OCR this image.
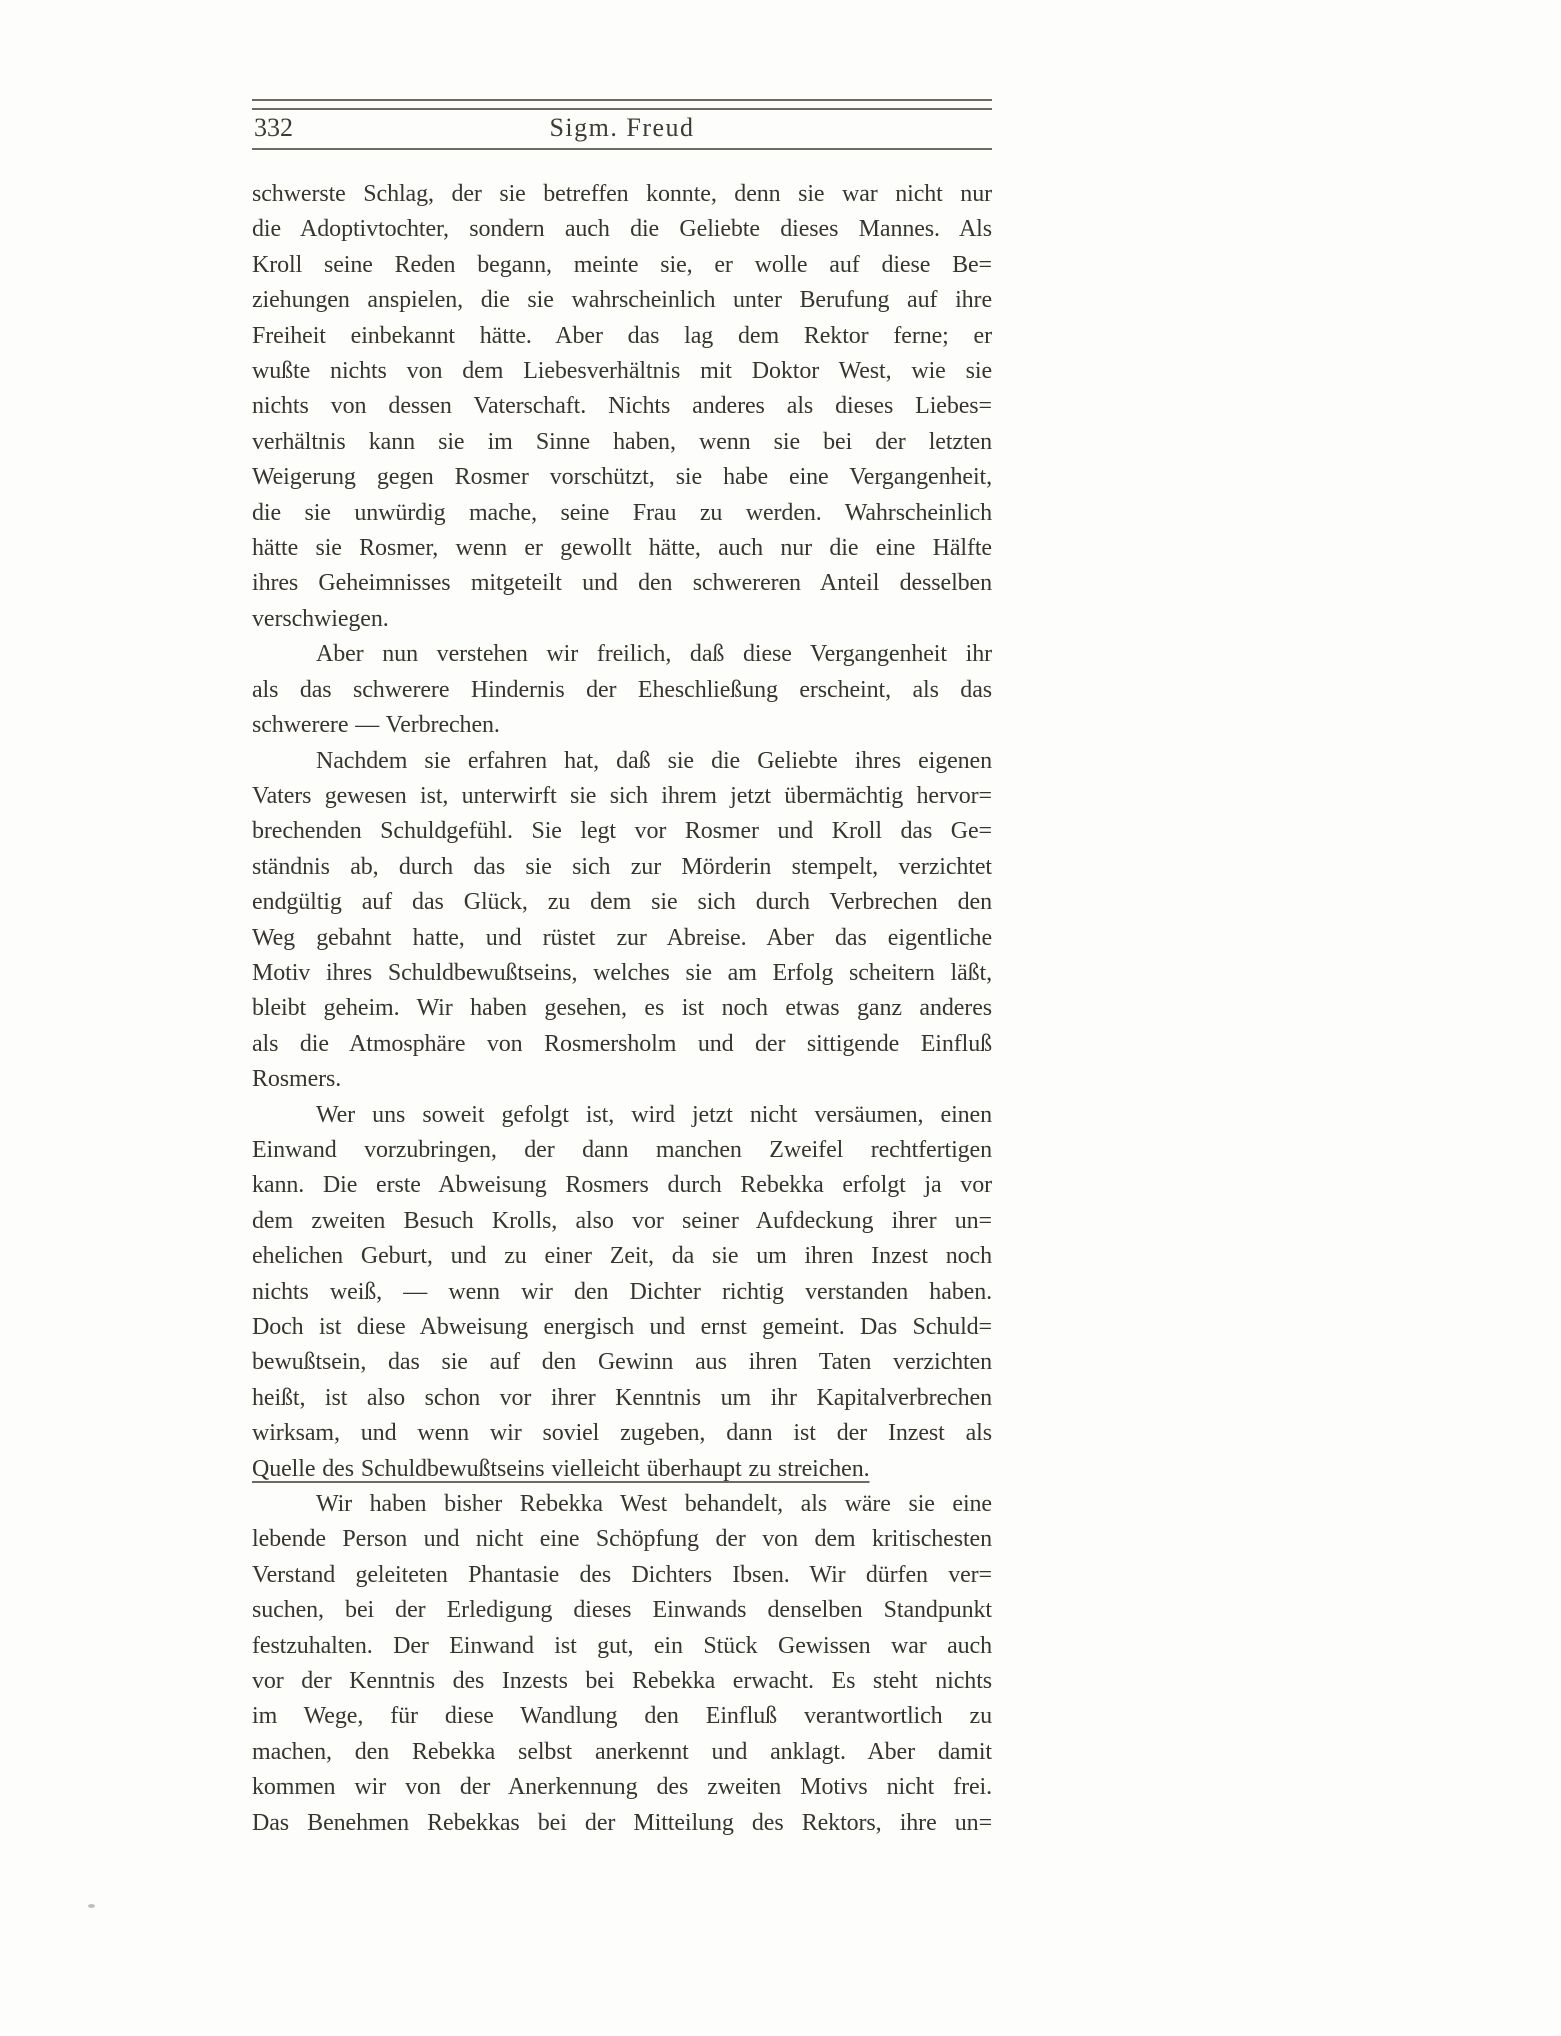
332	Sigm. Freud
schwerste Schlag, der sie betreffen konnte, denn sie war nicht nur
die Adoptivtochter, sondern auch die Geliebte dieses Mannes. Als
Kroll seine Reden begann, meinte sie, er wolle auf diese Be=
ziehungen anspielen, die sie wahrscheinlich unter Berufung auf ihre
Freiheit einbekannt hätte. Aber das lag dem Rektor ferne; er
wußte nichts von dem Liebesverhältnis mit Doktor West, wie sie
nichts von dessen Vaterschaft. Nichts anderes als dieses Liebes=
verhältnis kann sie im Sinne haben, wenn sie bei der letzten
Weigerung gegen Rosmer vorschützt, sie habe eine Vergangenheit,
die sie unwürdig mache, seine Frau zu werden. Wahrscheinlich
hätte sie Rosmer, wenn er gewollt hätte, auch nur die eine Hälfte
ihres Geheimnisses mitgeteilt und den schwereren Anteil desselben
verschwiegen.
Aber nun verstehen wir freilich, daß diese Vergangenheit ihr
als das schwerere Hindernis der Eheschließung erscheint, als das
schwerere — Verbrechen.
Nachdem sie erfahren hat, daß sie die Geliebte ihres eigenen
Vaters gewesen ist, unterwirft sie sich ihrem jetzt übermächtig hervor=
brechenden Schuldgefühl. Sie legt vor Rosmer und Kroll das Ge=
ständnis ab, durch das sie sich zur Mörderin stempelt, verzichtet
endgültig auf das Glück, zu dem sie sich durch Verbrechen den
Weg gebahnt hatte, und rüstet zur Abreise. Aber das eigentliche
Motiv ihres Schuldbewußtseins, welches sie am Erfolg scheitern läßt,
bleibt geheim. Wir haben gesehen, es ist noch etwas ganz anderes
als die Atmosphäre von Rosmersholm und der sittigende Einfluß
Rosmers.
Wer uns soweit gefolgt ist, wird jetzt nicht versäumen, einen
Einwand vorzubringen, der dann manchen Zweifel rechtfertigen
kann. Die erste Abweisung Rosmers durch Rebekka erfolgt ja vor
dem zweiten Besuch Krolls, also vor seiner Aufdeckung ihrer un=
ehelichen Geburt, und zu einer Zeit, da sie um ihren Inzest noch
nichts weiß, — wenn wir den Dichter richtig verstanden haben.
Doch ist diese Abweisung energisch und ernst gemeint. Das Schuld=
bewußtsein, das sie auf den Gewinn aus ihren Taten verzichten
heißt, ist also schon vor ihrer Kenntnis um ihr Kapitalverbrechen
wirksam, und wenn wir soviel zugeben, dann ist der Inzest als
Quelle des Schuldbewußtseins vielleicht überhaupt zu streichen.
Wir haben bisher Rebekka West behandelt, als wäre sie eine
lebende Person und nicht eine Schöpfung der von dem kritischesten
Verstand geleiteten Phantasie des Dichters Ibsen. Wir dürfen ver=
suchen, bei der Erledigung dieses Einwands denselben Standpunkt
festzuhalten. Der Einwand ist gut, ein Stück Gewissen war auch
vor der Kenntnis des Inzests bei Rebekka erwacht. Es steht nichts
im Wege, für diese Wandlung den Einfluß verantwortlich zu
machen, den Rebekka selbst anerkennt und anklagt. Aber damit
kommen wir von der Anerkennung des zweiten Motivs nicht frei.
Das Benehmen Rebekkas bei der Mitteilung des Rektors, ihre un=
